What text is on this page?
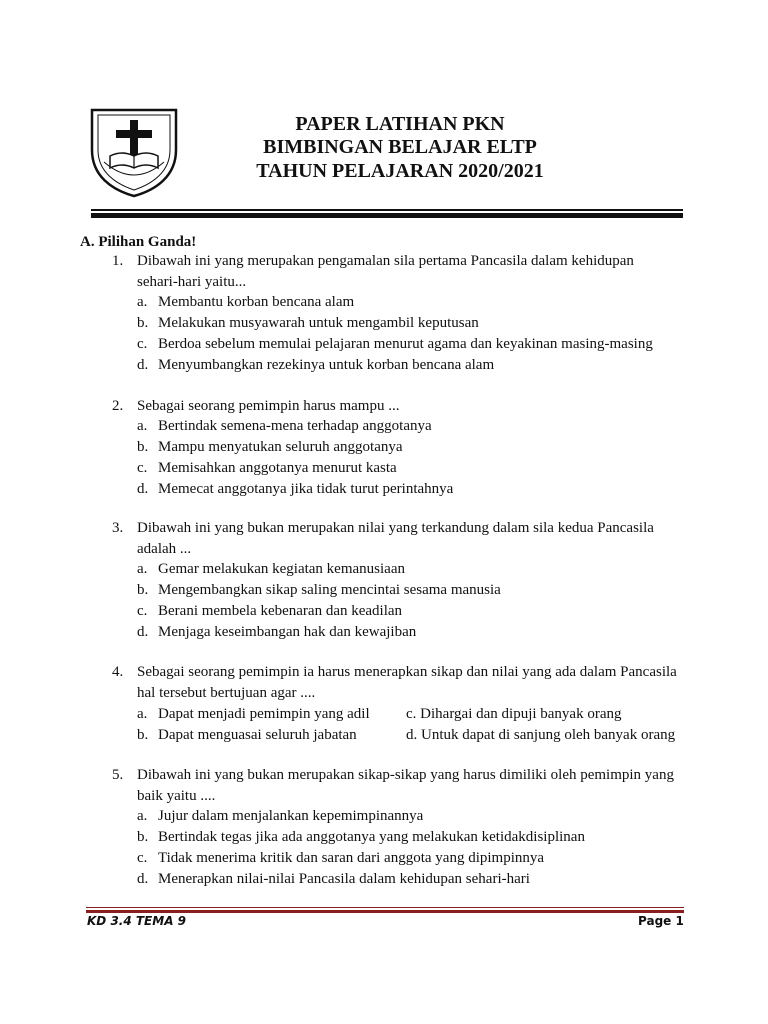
PAPER LATIHAN PKN
BIMBINGAN BELAJAR ELTP
TAHUN PELAJARAN 2020/2021
A. Pilihan Ganda!
1. Dibawah ini yang merupakan pengamalan sila pertama Pancasila dalam kehidupan
sehari-hari yaitu...
a. Membantu korban bencana alam
b. Melakukan musyawarah untuk mengambil keputusan
c. Berdoa sebelum memulai pelajaran menurut agama dan keyakinan masing-masing
d. Menyumbangkan rezekinya untuk korban bencana alam
2. Sebagai seorang pemimpin harus mampu ...
a. Bertindak semena-mena terhadap anggotanya
b. Mampu menyatukan seluruh anggotanya
c. Memisahkan anggotanya menurut kasta
d. Memecat anggotanya jika tidak turut perintahnya
3. Dibawah ini yang bukan merupakan nilai yang terkandung dalam sila kedua Pancasila
adalah ...
a. Gemar melakukan kegiatan kemanusiaan
b. Mengembangkan sikap saling mencintai sesama manusia
c. Berani membela kebenaran dan keadilan
d. Menjaga keseimbangan hak dan kewajiban
4. Sebagai seorang pemimpin ia harus menerapkan sikap dan nilai yang ada dalam Pancasila
hal tersebut bertujuan agar ....
a. Dapat menjadi pemimpin yang adil c. Dihargai dan dipuji banyak orang
b. Dapat menguasai seluruh jabatan	d. Untuk dapat di sanjung oleh banyak orang
5. Dibawah ini yang bukan merupakan sikap-sikap yang harus dimiliki oleh pemimpin yang
baik yaitu ....
a. Jujur dalam menjalankan kepemimpinannya
b. Bertindak tegas jika ada anggotanya yang melakukan ketidakdisiplinan
c. Tidak menerima kritik dan saran dari anggota yang dipimpinnya
d. Menerapkan nilai-nilai Pancasila dalam kehidupan sehari-hari
KD 3.4 TEMA 9	Page 1
